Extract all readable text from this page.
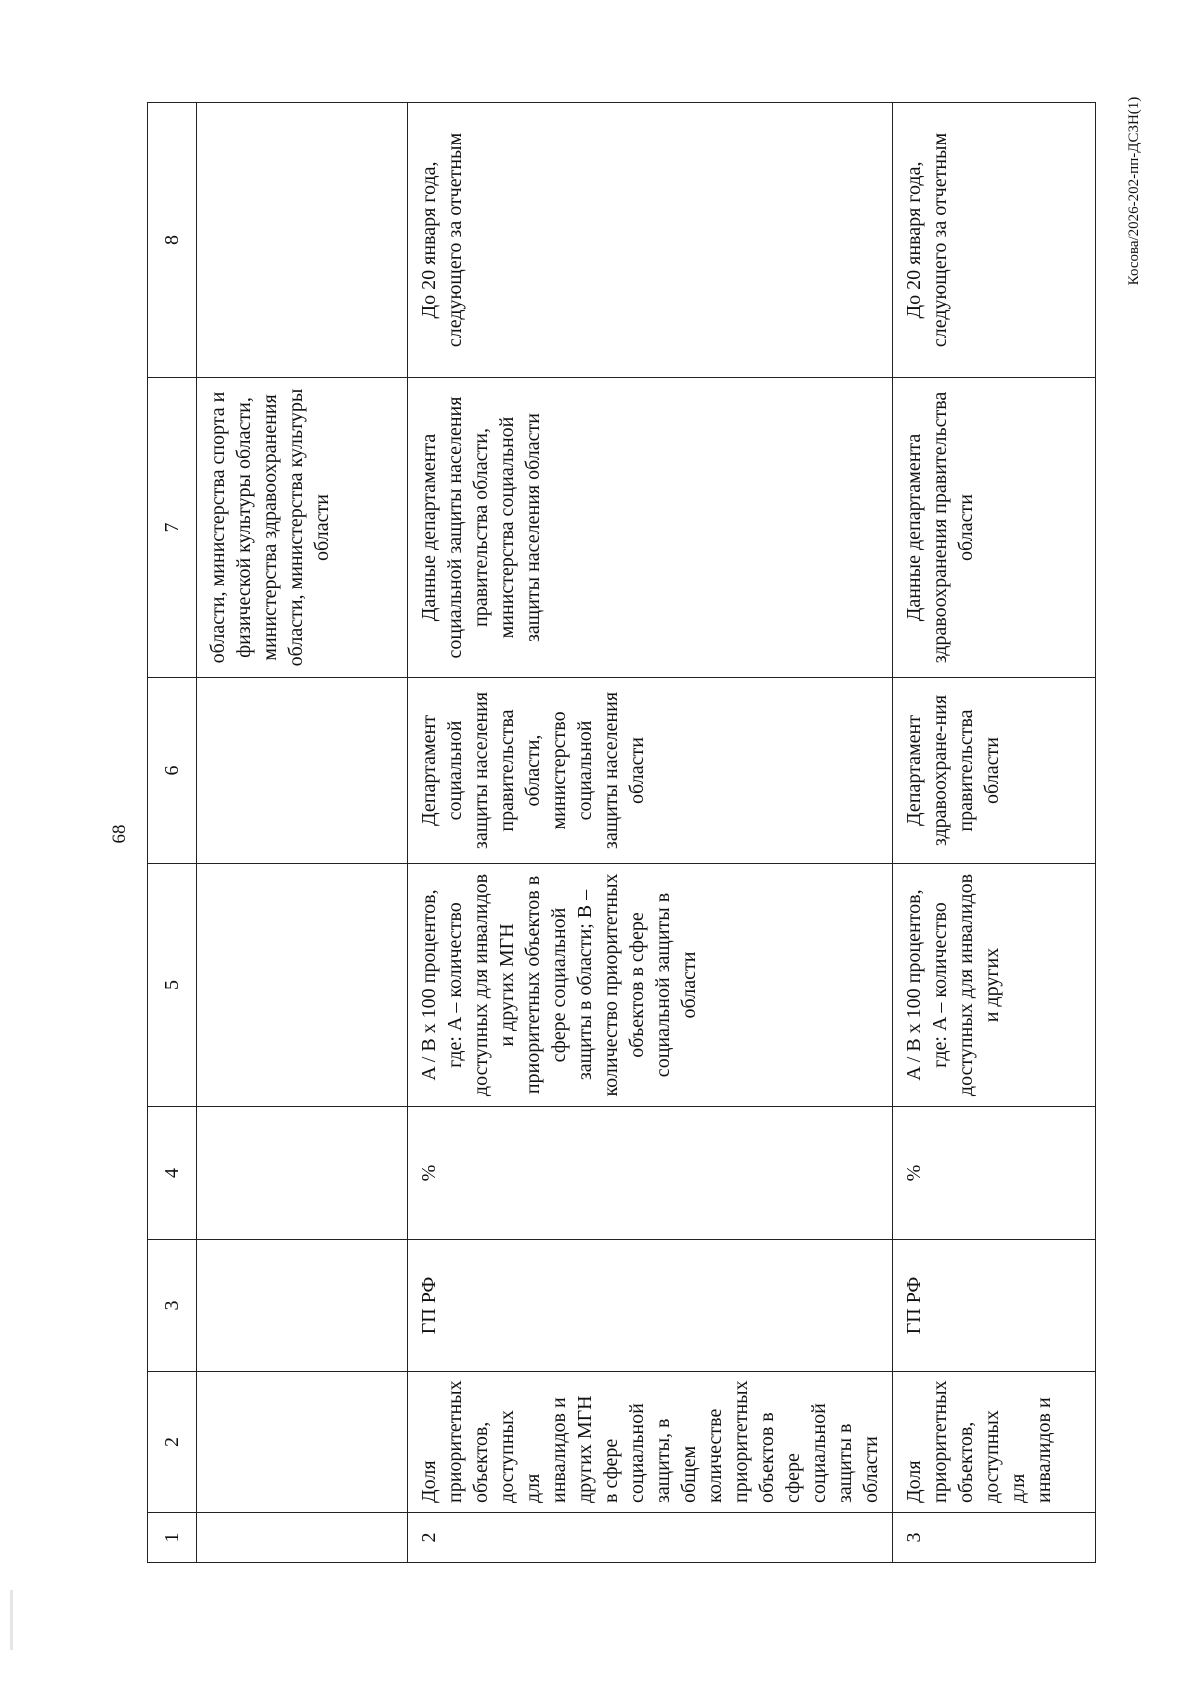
68
Косова/2026-202-пп-ДСЗН(1)
1	2	3	4	5	6	7	8
						области, министерства спорта и физической культуры области, министерства здравоохранения области, министерства культуры области	
2	Доля приоритетных объектов, доступных для инвалидов и других МГН в сфере социальной защиты, в общем количестве приоритетных объектов в сфере социальной защиты в области	ГП РФ	%	A / B x 100 процентов, где: A – количество доступных для инвалидов и других МГН приоритетных объектов в сфере социальной защиты в области; B – количество приоритетных объектов в сфере социальной защиты в области	Департамент социальной защиты населения правительства области, министерство социальной защиты населения области	Данные департамента социальной защиты населения правительства области, министерства социальной защиты населения области	До 20 января года, следующего за отчетным
3	Доля приоритетных объектов, доступных для инвалидов и	ГП РФ	%	A / B x 100 процентов, где: A – количество доступных для инвалидов и других	Департамент здравоохране-ния правительства области	Данные департамента здравоохранения правительства области	До 20 января года, следующего за отчетным
